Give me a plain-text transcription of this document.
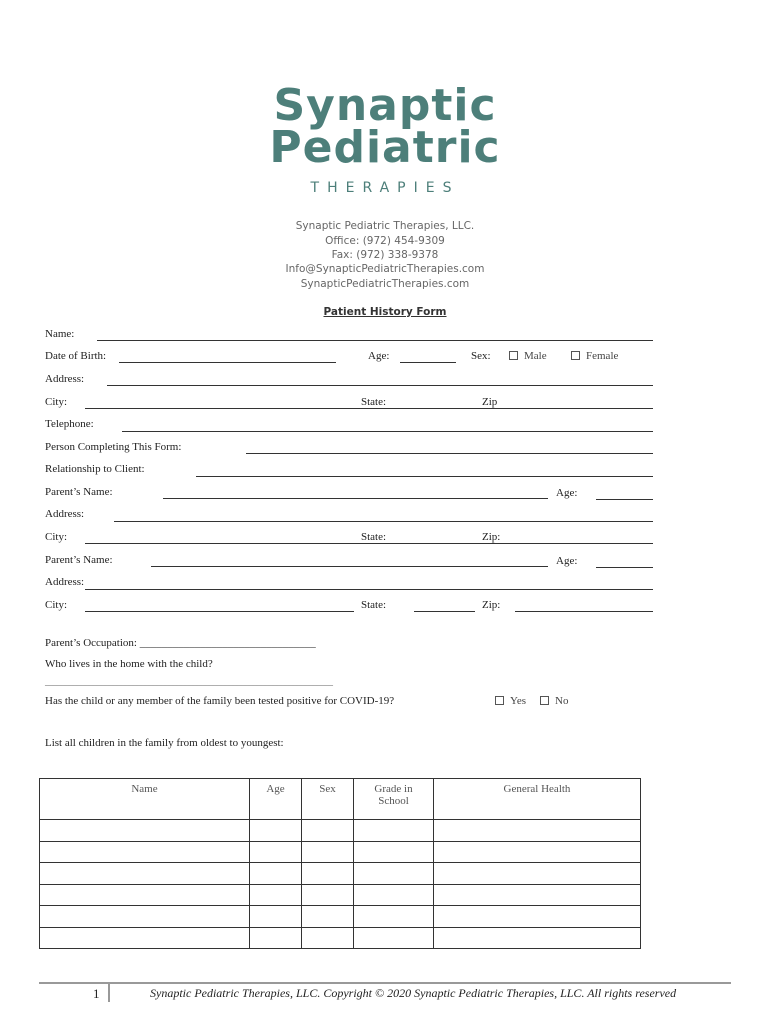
Synaptic
Pediatric
THERAPIES
Synaptic Pediatric Therapies, LLC.
Office: (972) 454-9309
Fax: (972) 338-9378
Info@SynapticPediatricTherapies.com
SynapticPediatricTherapies.com
Patient History Form
Name:
Date of Birth:	Age:	Sex:	Male	Female
Address:
City:	State:	Zip
Telephone:
Person Completing This Form:
Relationship to Client:
Parent’s Name:	Age:
Address:
City:	State:	Zip:
Parent’s Name:	Age:
Address:
City:	State:	Zip:
Parent’s Occupation: ________________________________
Who lives in the home with the child?
________________________________________________________________________
Has the child or any member of the family been tested positive for COVID-19?	Yes	No
List all children in the family from oldest to youngest:
Name	Age	Sex	Grade in School	General Health

1	Synaptic Pediatric Therapies, LLC. Copyright © 2020 Synaptic Pediatric Therapies, LLC. All rights reserved
